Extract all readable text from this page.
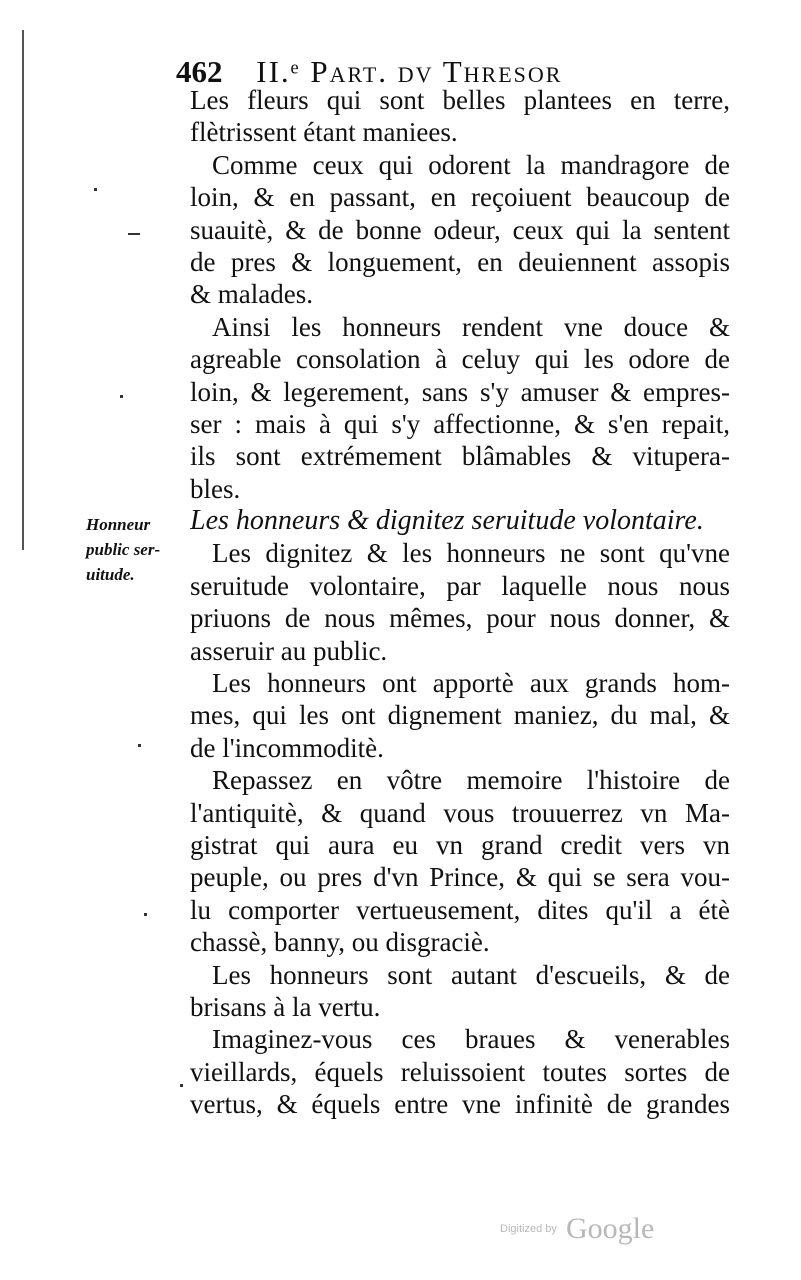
462 II.ᵉ Part. dv Thresor
Honneur
public ser-
uitude.
Les fleurs qui sont belles plantees en terre,
flètrissent étant maniees.
Comme ceux qui odorent la mandragore de
loin, & en passant, en reçoiuent beaucoup de
suauitè, & de bonne odeur, ceux qui la sentent
de pres & longuement, en deuiennent assopis
& malades.
Ainsi les honneurs rendent vne douce &
agreable consolation à celuy qui les odore de
loin, & legerement, sans s'y amuser & empres-
ser : mais à qui s'y affectionne, & s'en repait,
ils sont extrémement blâmables & vitupera-
bles.
Les honneurs & dignitez seruitude volontaire.
Les dignitez & les honneurs ne sont qu'vne
seruitude volontaire, par laquelle nous nous
priuons de nous mêmes, pour nous donner, &
asseruir au public.
Les honneurs ont apportè aux grands hom-
mes, qui les ont dignement maniez, du mal, &
de l'incommoditè.
Repassez en vôtre memoire l'histoire de
l'antiquitè, & quand vous trouuerrez vn Ma-
gistrat qui aura eu vn grand credit vers vn
peuple, ou pres d'vn Prince, & qui se sera vou-
lu comporter vertueusement, dites qu'il a étè
chassè, banny, ou disgraciè.
Les honneurs sont autant d'escueils, & de
brisans à la vertu.
Imaginez-vous ces braues & venerables
vieillards, équels reluissoient toutes sortes de
vertus, & équels entre vne infinitè de grandes
Digitized by Google
